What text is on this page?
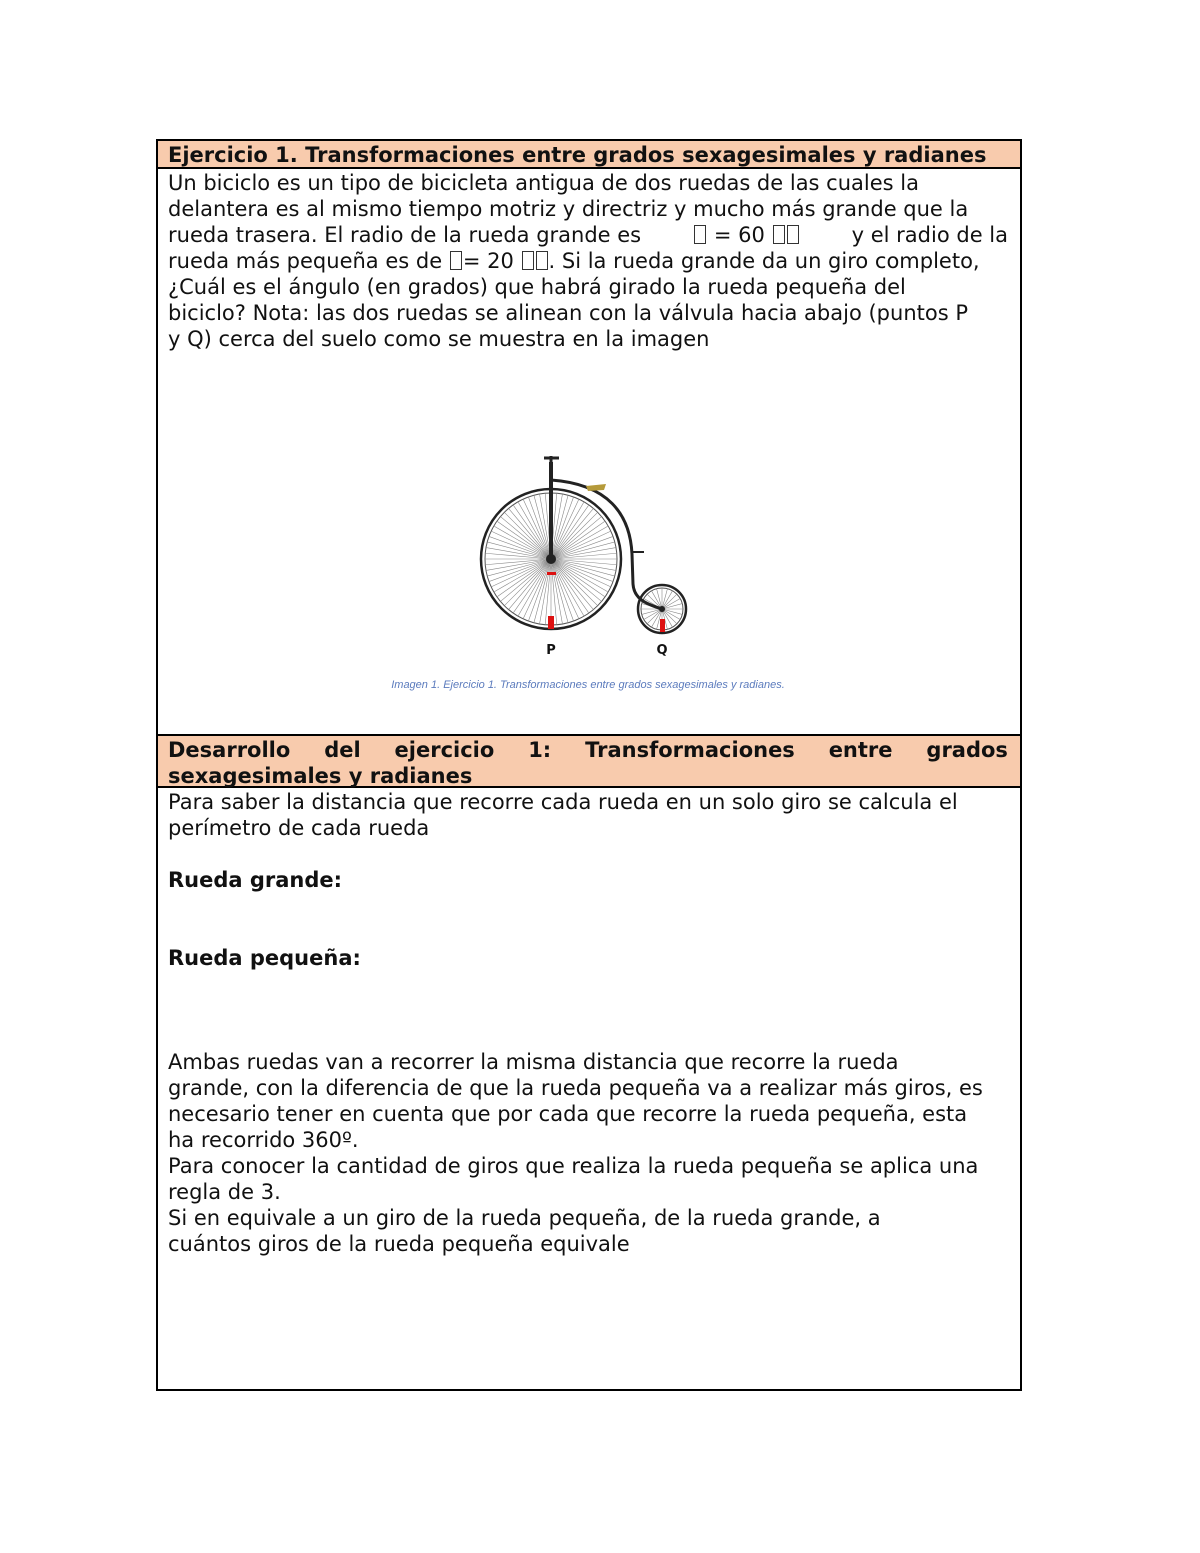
Ejercicio 1. Transformaciones entre grados sexagesimales y radianes
Un biciclo es un tipo de bicicleta antigua de dos ruedas de las cuales la
delantera es al mismo tiempo motriz y directriz y mucho más grande que la
rueda trasera. El radio de la rueda grande es	= 60	y el radio de la
rueda más pequeña es de = 20 . Si la rueda grande da un giro completo,
¿Cuál es el ángulo (en grados) que habrá girado la rueda pequeña del
biciclo? Nota: las dos ruedas se alinean con la válvula hacia abajo (puntos P
y Q) cerca del suelo como se muestra en la imagen
P	Q
Imagen 1. Ejercicio 1. Transformaciones entre grados sexagesimales y radianes.
Desarrollo del ejercicio 1: Transformaciones entre grados
sexagesimales y radianes
Para saber la distancia que recorre cada rueda en un solo giro se calcula el
perímetro de cada rueda
Rueda grande:
Rueda pequeña:
Ambas ruedas van a recorrer la misma distancia que recorre la rueda
grande, con la diferencia de que la rueda pequeña va a realizar más giros, es
necesario tener en cuenta que por cada que recorre la rueda pequeña, esta
ha recorrido 360º.
Para conocer la cantidad de giros que realiza la rueda pequeña se aplica una
regla de 3.
Si en equivale a un giro de la rueda pequeña, de la rueda grande, a
cuántos giros de la rueda pequeña equivale
